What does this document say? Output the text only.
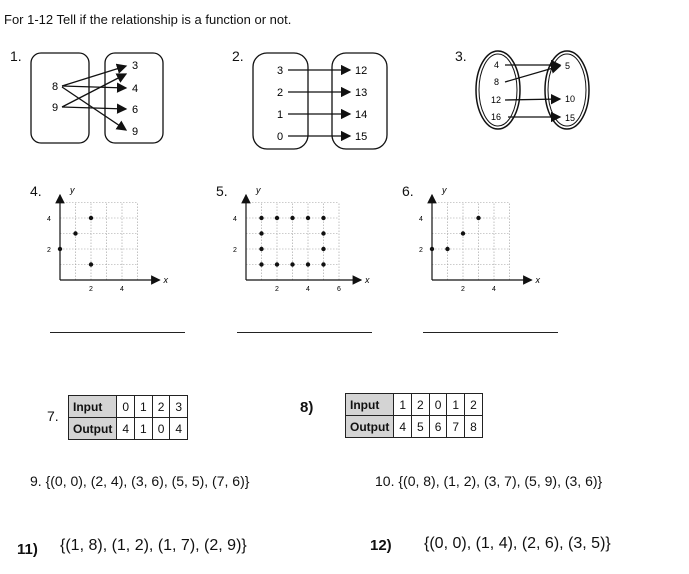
For 1-12 Tell if the relationship is a function or not.
1.
8
9
3
4
6
9
2.
3
2
1
0
12
13
14
15
3.
4
8
12
16
5
10
15
4.	y
x
4
2
2	4
5.	y
x
4
2
2	4	6
6.	y
x
4
2
2	4
7.
Input	0	1	2	3
Output	4	1	0	4
8)	Input	1	2	0	1	2
Output	4	5	6	7	8
9. {(0, 0), (2, 4), (3, 6), (5, 5), (7, 6)}	10. {(0, 8), (1, 2), (3, 7), (5, 9), (3, 6)}
11) {(1, 8), (1, 2), (1, 7), (2, 9)}	12) {(0, 0), (1, 4), (2, 6), (3, 5)}
